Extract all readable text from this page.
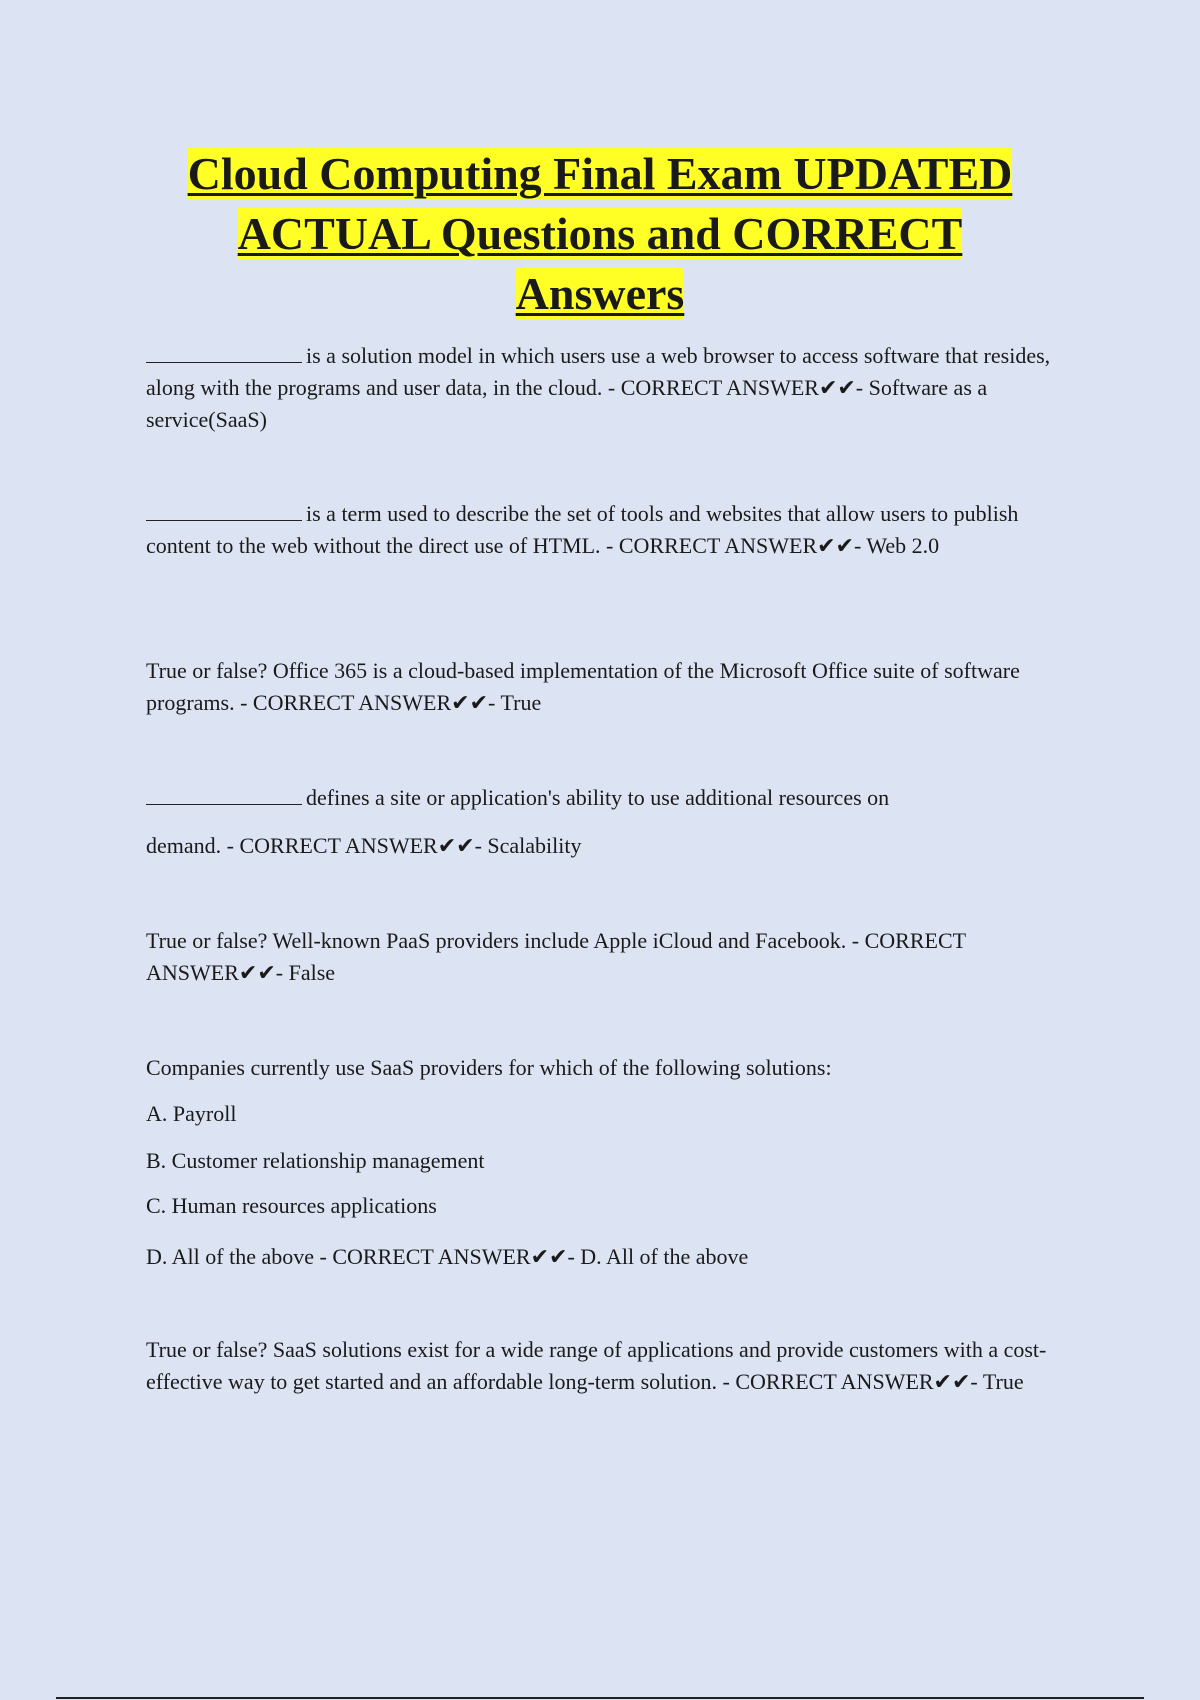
Cloud Computing Final Exam UPDATED
ACTUAL Questions and CORRECT
Answers

is a solution model in which users use a web browser to access software that resides, along with the programs and user data, in the cloud. - CORRECT ANSWER✔✔- Software as a service(SaaS)

is a term used to describe the set of tools and websites that allow users to publish content to the web without the direct use of HTML. - CORRECT ANSWER✔✔- Web 2.0

True or false? Office 365 is a cloud-based implementation of the Microsoft Office suite of software programs. - CORRECT ANSWER✔✔- True

defines a site or application's ability to use additional resources on

demand. - CORRECT ANSWER✔✔- Scalability

True or false? Well-known PaaS providers include Apple iCloud and Facebook. - CORRECT ANSWER✔✔- False

Companies currently use SaaS providers for which of the following solutions:

A. Payroll

B. Customer relationship management

C. Human resources applications

D. All of the above - CORRECT ANSWER✔✔- D. All of the above

True or false? SaaS solutions exist for a wide range of applications and provide customers with a cost-effective way to get started and an affordable long-term solution. - CORRECT ANSWER✔✔- True
